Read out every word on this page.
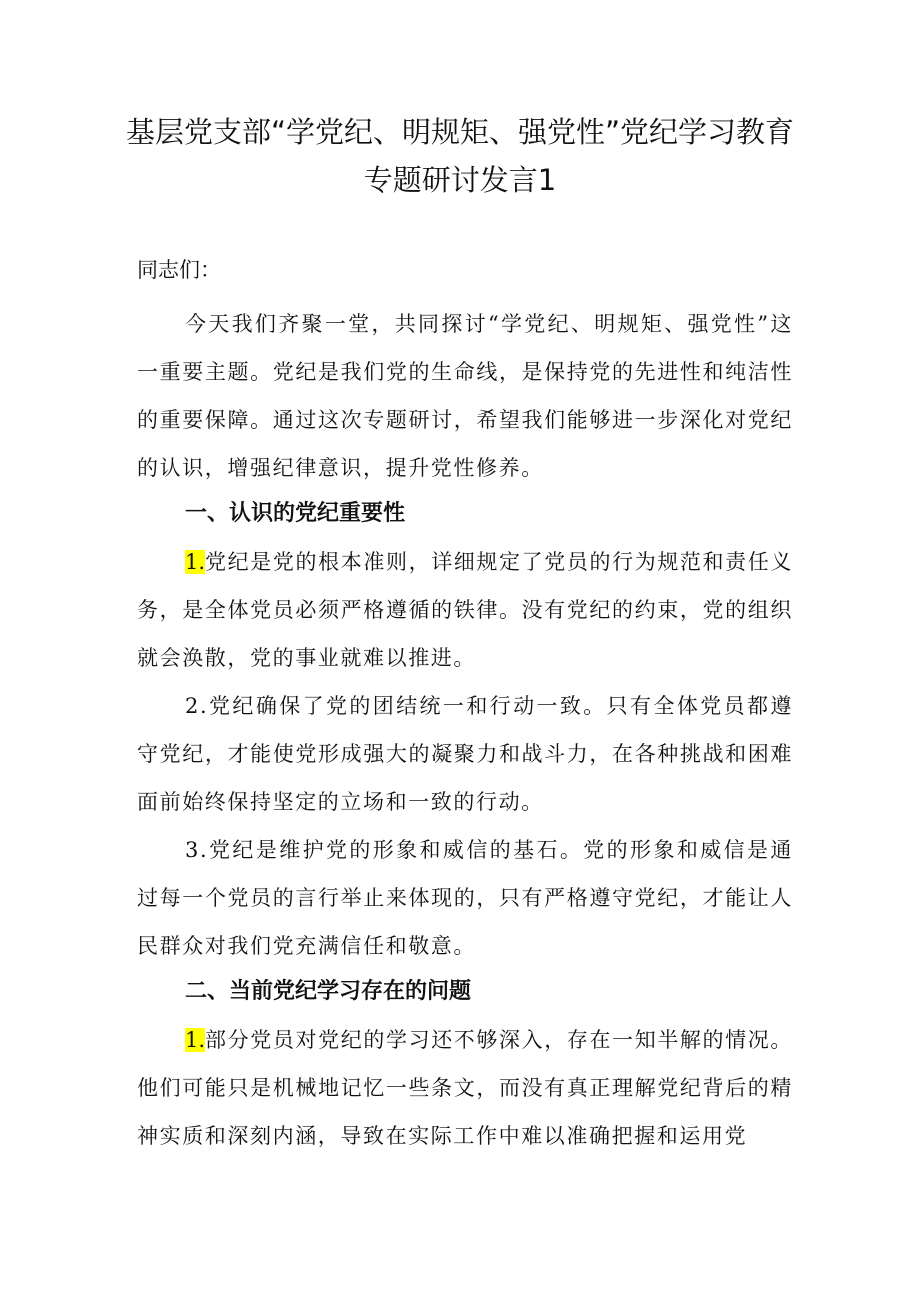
基层党支部“学党纪、明规矩、强党性”党纪学习教育专题研讨发言1

同志们：

今天我们齐聚一堂，共同探讨“学党纪、明规矩、强党性”这一重要主题。党纪是我们党的生命线，是保持党的先进性和纯洁性的重要保障。通过这次专题研讨，希望我们能够进一步深化对党纪的认识，增强纪律意识，提升党性修养。

一、认识的党纪重要性

1.党纪是党的根本准则，详细规定了党员的行为规范和责任义务，是全体党员必须严格遵循的铁律。没有党纪的约束，党的组织就会涣散，党的事业就难以推进。

2.党纪确保了党的团结统一和行动一致。只有全体党员都遵守党纪，才能使党形成强大的凝聚力和战斗力，在各种挑战和困难面前始终保持坚定的立场和一致的行动。

3.党纪是维护党的形象和威信的基石。党的形象和威信是通过每一个党员的言行举止来体现的，只有严格遵守党纪，才能让人民群众对我们党充满信任和敬意。

二、当前党纪学习存在的问题

1.部分党员对党纪的学习还不够深入，存在一知半解的情况。他们可能只是机械地记忆一些条文，而没有真正理解党纪背后的精神实质和深刻内涵，导致在实际工作中难以准确把握和运用党
